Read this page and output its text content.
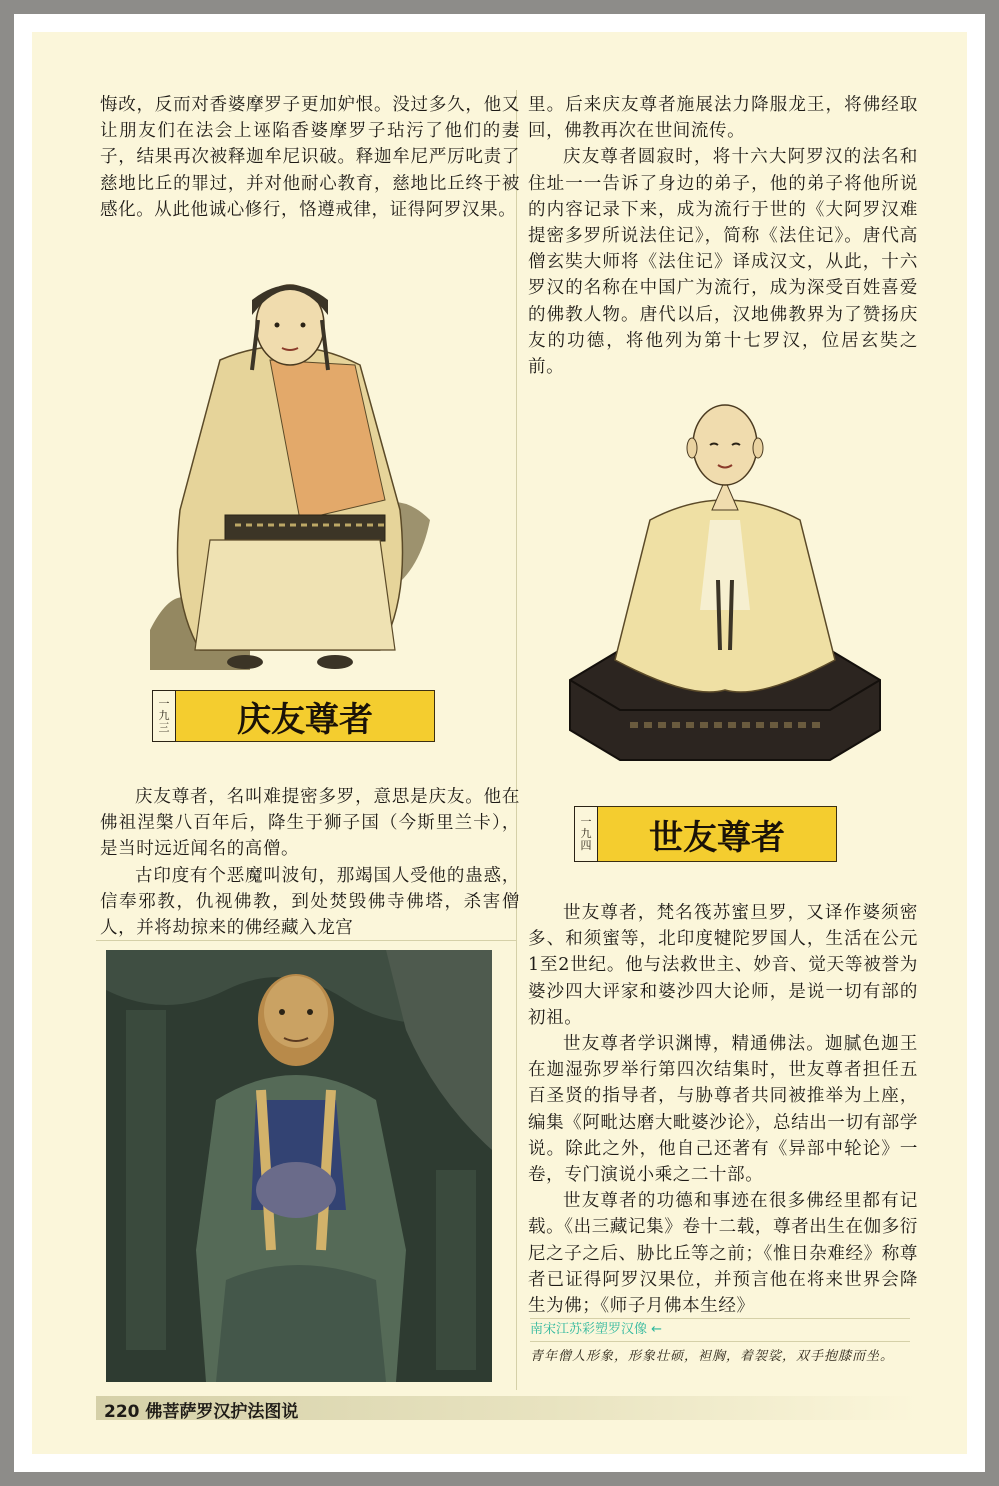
悔改，反而对香婆摩罗子更加妒恨。没过多久，他又让朋友们在法会上诬陷香婆摩罗子玷污了他们的妻子，结果再次被释迦牟尼识破。释迦牟尼严厉叱责了慈地比丘的罪过，并对他耐心教育，慈地比丘终于被感化。从此他诚心修行，恪遵戒律，证得阿罗汉果。

一
九
三	庆友尊者

庆友尊者，名叫难提密多罗，意思是庆友。他在佛祖涅槃八百年后，降生于狮子国（今斯里兰卡），是当时远近闻名的高僧。

古印度有个恶魔叫波旬，那竭国人受他的蛊惑，信奉邪教，仇视佛教，到处焚毁佛寺佛塔，杀害僧人，并将劫掠来的佛经藏入龙宫

里。后来庆友尊者施展法力降服龙王，将佛经取回，佛教再次在世间流传。

庆友尊者圆寂时，将十六大阿罗汉的法名和住址一一告诉了身边的弟子，他的弟子将他所说的内容记录下来，成为流行于世的《大阿罗汉难提密多罗所说法住记》，简称《法住记》。唐代高僧玄奘大师将《法住记》译成汉文，从此，十六罗汉的名称在中国广为流行，成为深受百姓喜爱的佛教人物。唐代以后，汉地佛教界为了赞扬庆友的功德，将他列为第十七罗汉，位居玄奘之前。

一
九
四	世友尊者

世友尊者，梵名筏苏蜜旦罗，又译作婆须密多、和须蜜等，北印度犍陀罗国人，生活在公元1至2世纪。他与法救世主、妙音、觉天等被誉为婆沙四大评家和婆沙四大论师，是说一切有部的初祖。

世友尊者学识渊博，精通佛法。迦腻色迦王在迦湿弥罗举行第四次结集时，世友尊者担任五百圣贤的指导者，与胁尊者共同被推举为上座，编集《阿毗达磨大毗婆沙论》，总结出一切有部学说。除此之外，他自己还著有《异部中轮论》一卷，专门演说小乘之二十部。

世友尊者的功德和事迹在很多佛经里都有记载。《出三藏记集》卷十二载，尊者出生在伽多衍尼之子之后、胁比丘等之前；《惟日杂难经》称尊者已证得阿罗汉果位，并预言他在将来世界会降生为佛；《师子月佛本生经》

南宋江苏彩塑罗汉像 ←
青年僧人形象，形象壮硕，袒胸，着袈裟，双手抱膝而坐。
220 佛菩萨罗汉护法图说
